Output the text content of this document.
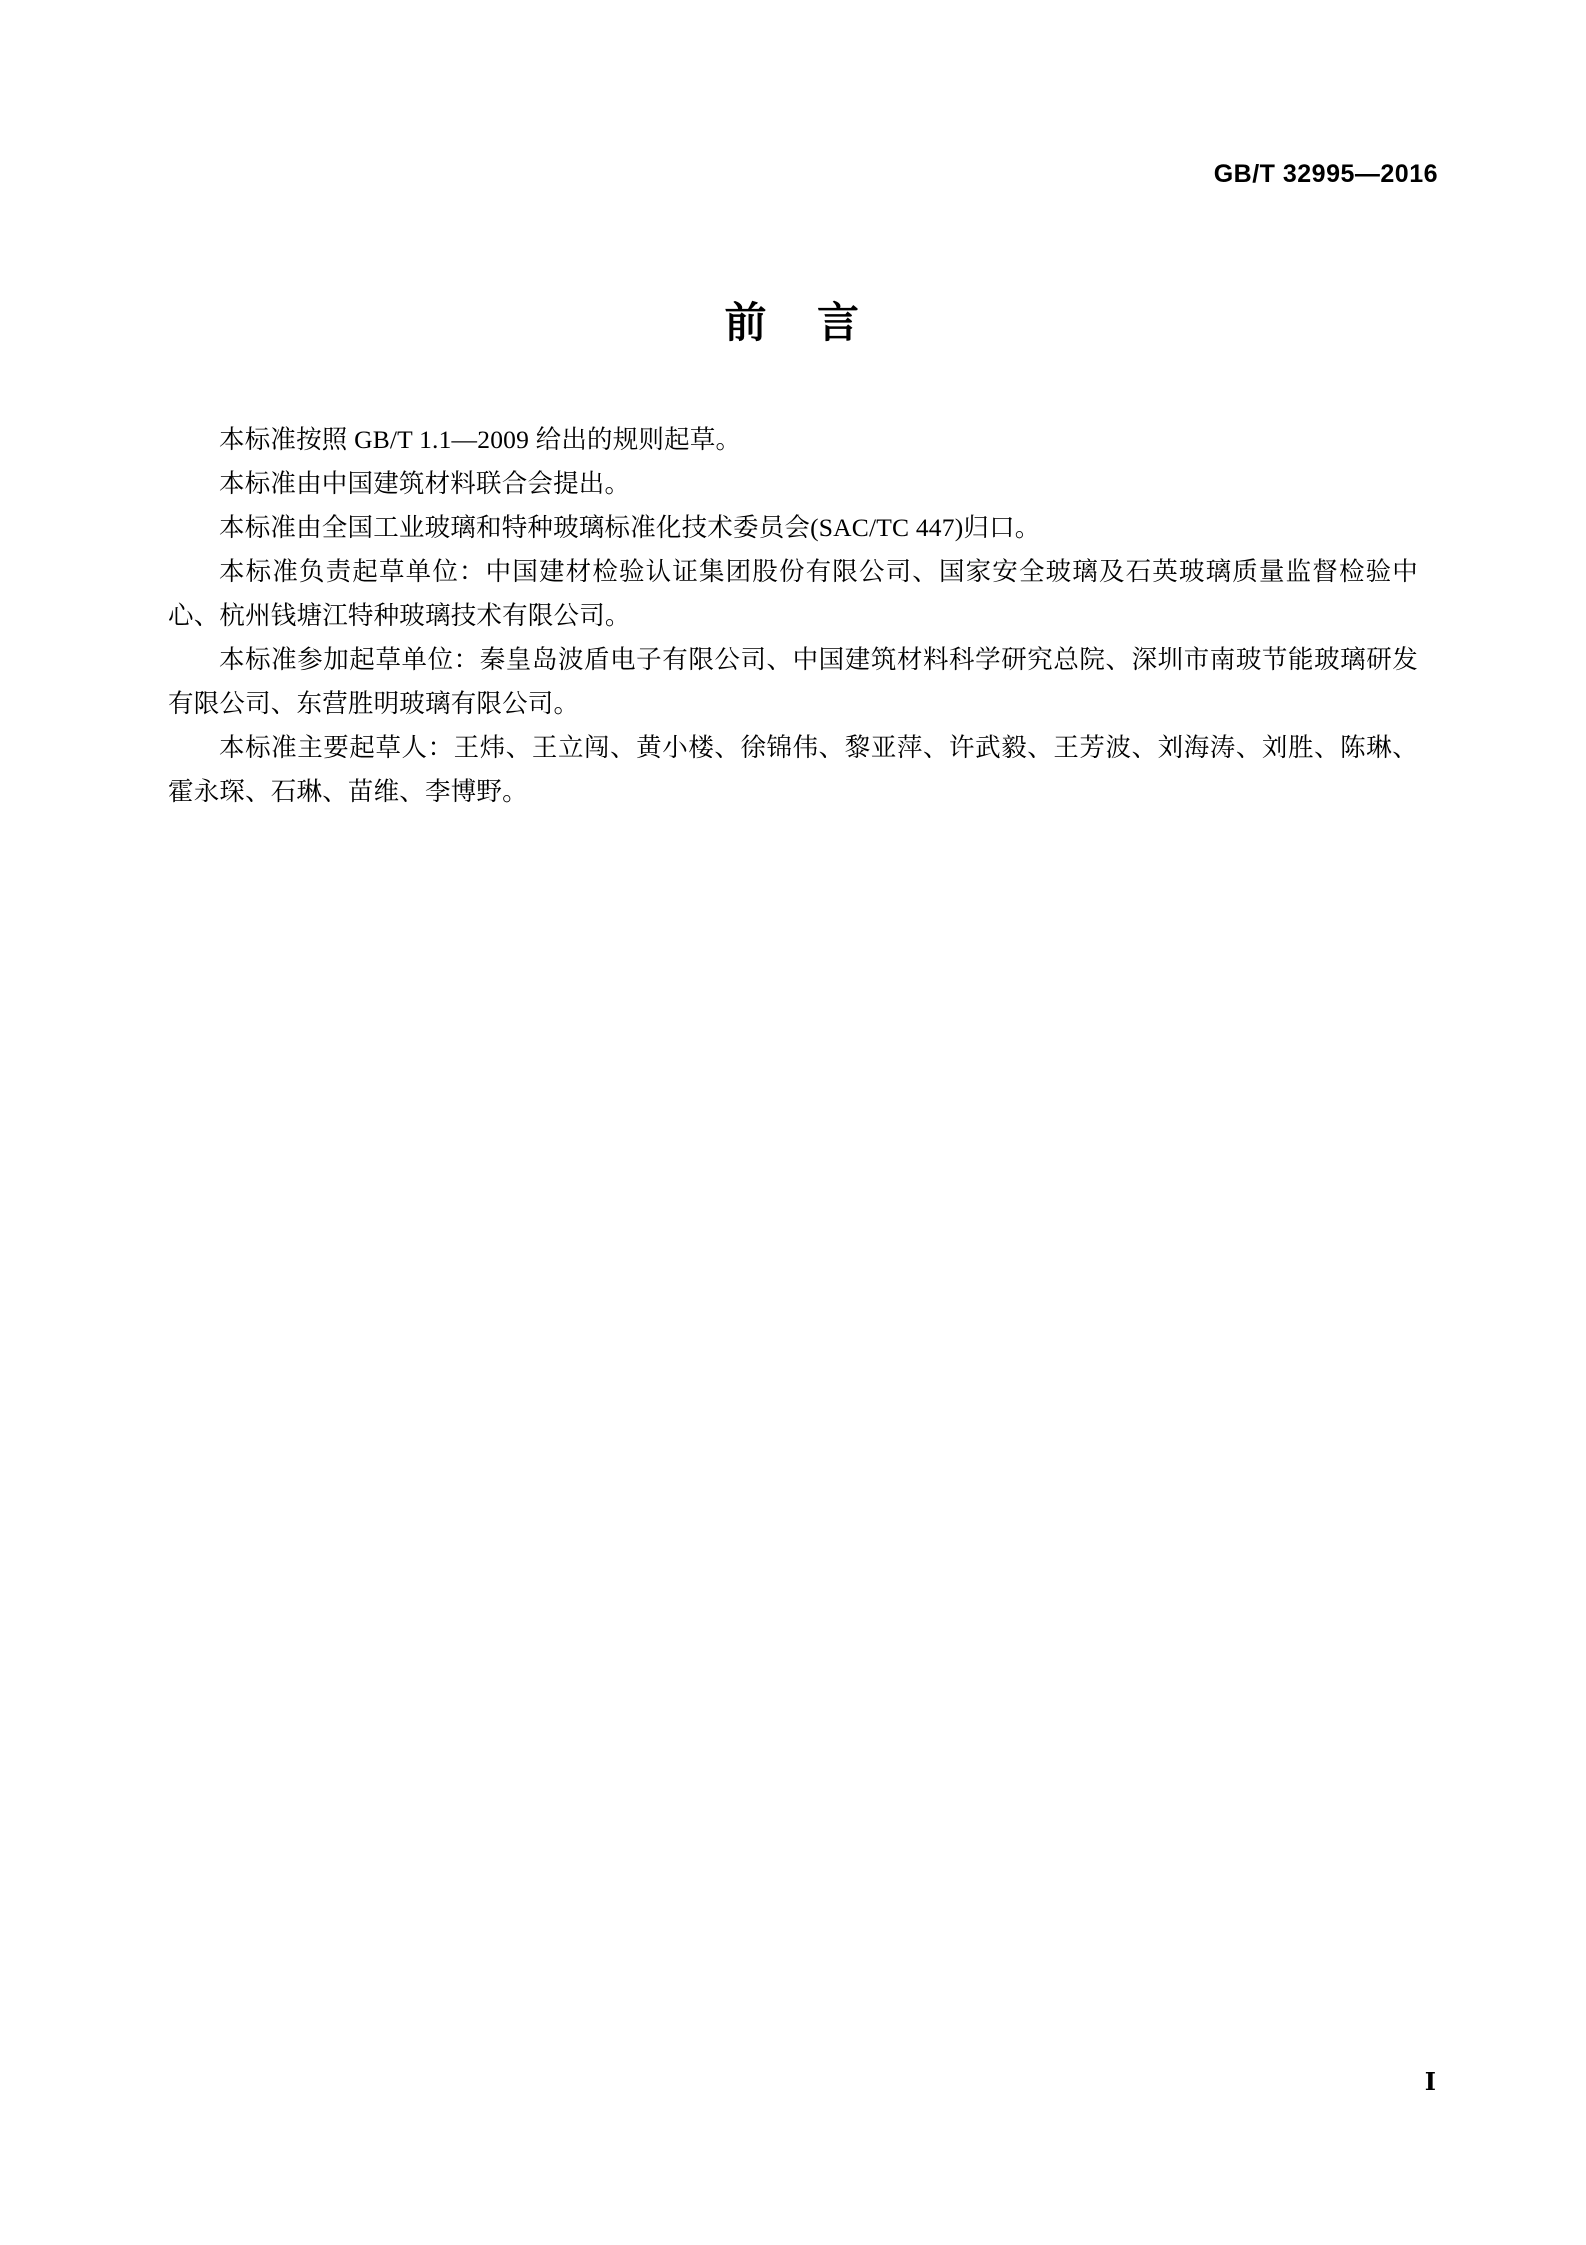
GB/T 32995—2016
前 言

本标准按照 GB/T 1.1—2009 给出的规则起草。

本标准由中国建筑材料联合会提出。

本标准由全国工业玻璃和特种玻璃标准化技术委员会(SAC/TC 447)归口。

本标准负责起草单位：中国建材检验认证集团股份有限公司、国家安全玻璃及石英玻璃质量监督检验中心、杭州钱塘江特种玻璃技术有限公司。

本标准参加起草单位：秦皇岛波盾电子有限公司、中国建筑材料科学研究总院、深圳市南玻节能玻璃研发有限公司、东营胜明玻璃有限公司。

本标准主要起草人：王炜、王立闯、黄小楼、徐锦伟、黎亚萍、许武毅、王芳波、刘海涛、刘胜、陈琳、霍永琛、石琳、苗维、李博野。

Ⅰ
